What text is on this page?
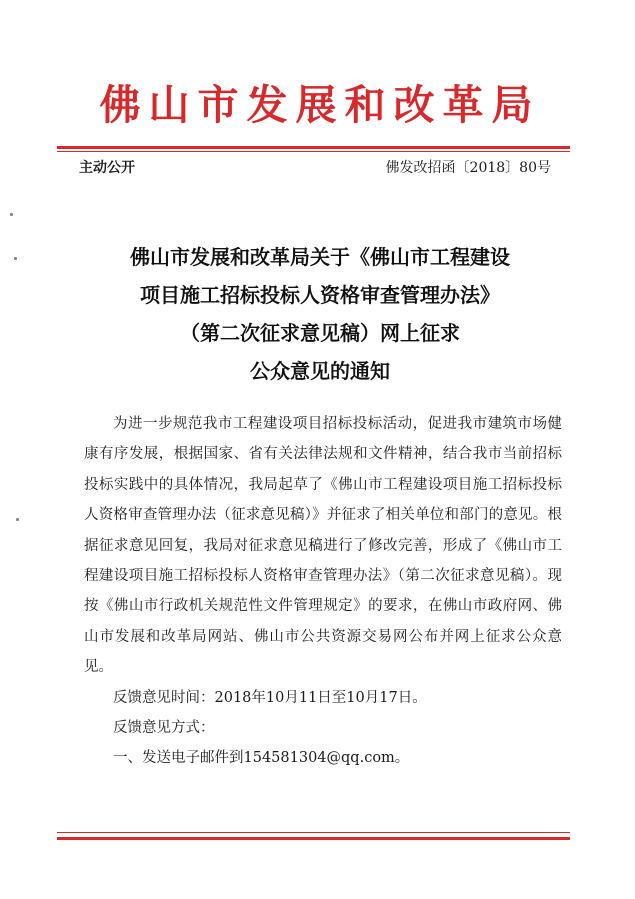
佛山市发展和改革局
主动公开	佛发改招函〔2018〕80号
佛山市发展和改革局关于《佛山市工程建设
项目施工招标投标人资格审查管理办法》
（第二次征求意见稿）网上征求
公众意见的通知

为进一步规范我市工程建设项目招标投标活动，促进我市建筑市场健康有序发展，根据国家、省有关法律法规和文件精神，结合我市当前招标投标实践中的具体情况，我局起草了《佛山市工程建设项目施工招标投标人资格审查管理办法（征求意见稿）》并征求了相关单位和部门的意见。根据征求意见回复，我局对征求意见稿进行了修改完善，形成了《佛山市工程建设项目施工招标投标人资格审查管理办法》（第二次征求意见稿）。现按《佛山市行政机关规范性文件管理规定》的要求，在佛山市政府网、佛山市发展和改革局网站、佛山市公共资源交易网公布并网上征求公众意见。

反馈意见时间：2018年10月11日至10月17日。

反馈意见方式：

一、发送电子邮件到154581304@qq.com。
